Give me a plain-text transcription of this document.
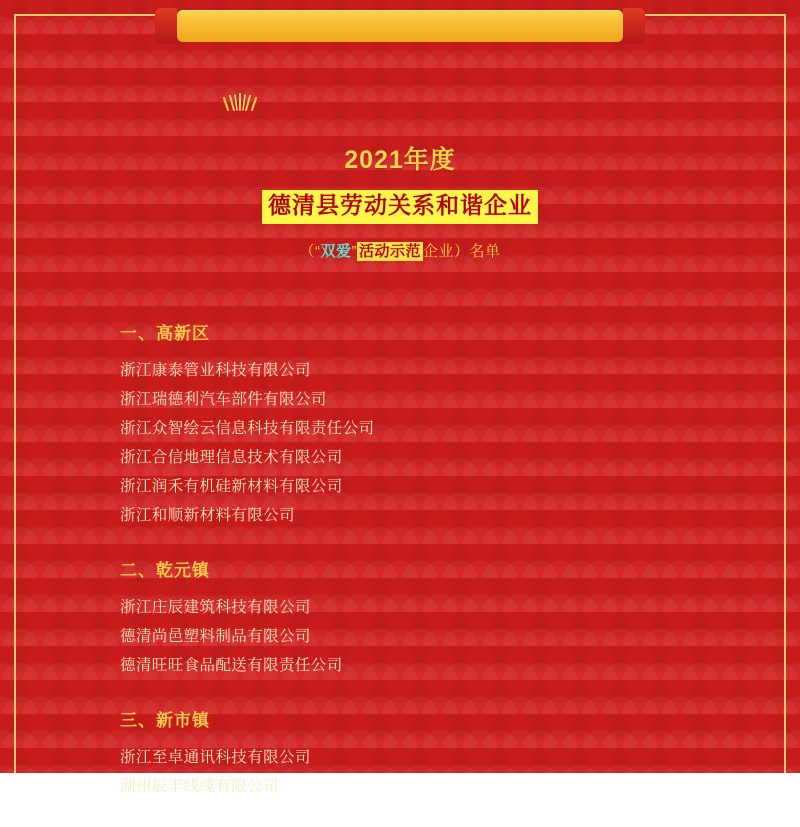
2021年度
德清县劳动关系和谐企业
（“双爱” 活动示范 企业）名单
一、高新区
浙江康泰管业科技有限公司
浙江瑞德利汽车部件有限公司
浙江众智绘云信息科技有限责任公司
浙江合信地理信息技术有限公司
浙江润禾有机硅新材料有限公司
浙江和顺新材料有限公司
二、乾元镇
浙江庄辰建筑科技有限公司
德清尚邑塑料制品有限公司
德清旺旺食品配送有限责任公司
三、新市镇
浙江至卓通讯科技有限公司
湖州辰丰线缆有限公司
